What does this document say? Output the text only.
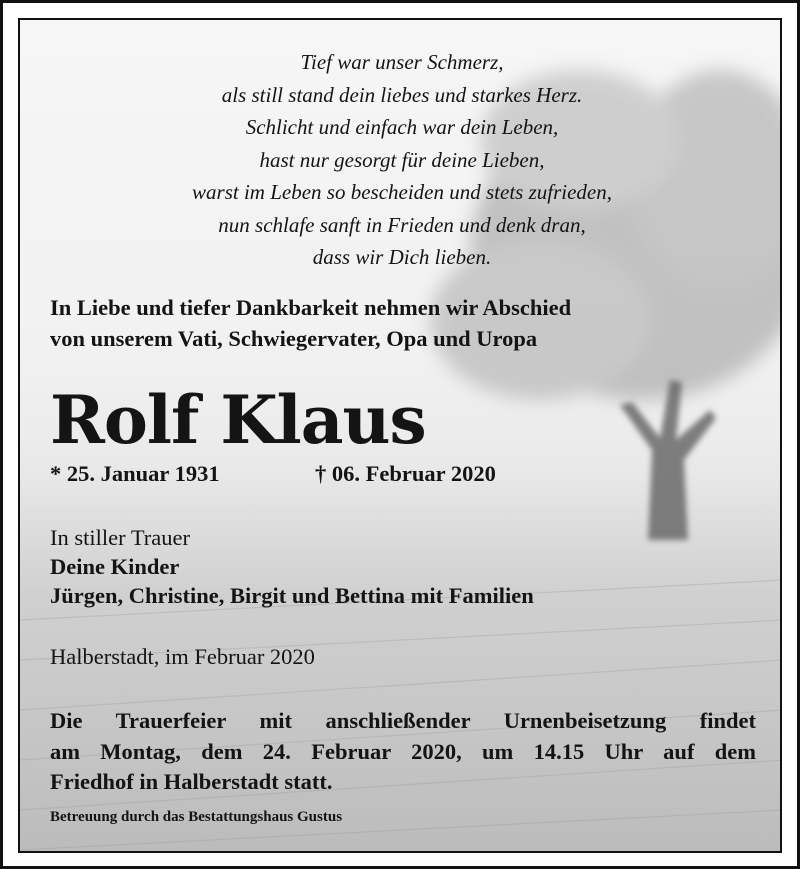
Tief war unser Schmerz,
als still stand dein liebes und starkes Herz.
Schlicht und einfach war dein Leben,
hast nur gesorgt für deine Lieben,
warst im Leben so bescheiden und stets zufrieden,
nun schlafe sanft in Frieden und denk dran,
dass wir Dich lieben.
In Liebe und tiefer Dankbarkeit nehmen wir Abschied
von unserem Vati, Schwiegervater, Opa und Uropa
Rolf Klaus
* 25. Januar 1931	† 06. Februar 2020
In stiller Trauer
Deine Kinder
Jürgen, Christine, Birgit und Bettina mit Familien
Halberstadt, im Februar 2020
Die Trauerfeier mit anschließender Urnenbeisetzung findet
am Montag, dem 24. Februar 2020, um 14.15 Uhr auf dem
Friedhof in Halberstadt statt.
Betreuung durch das Bestattungshaus Gustus
